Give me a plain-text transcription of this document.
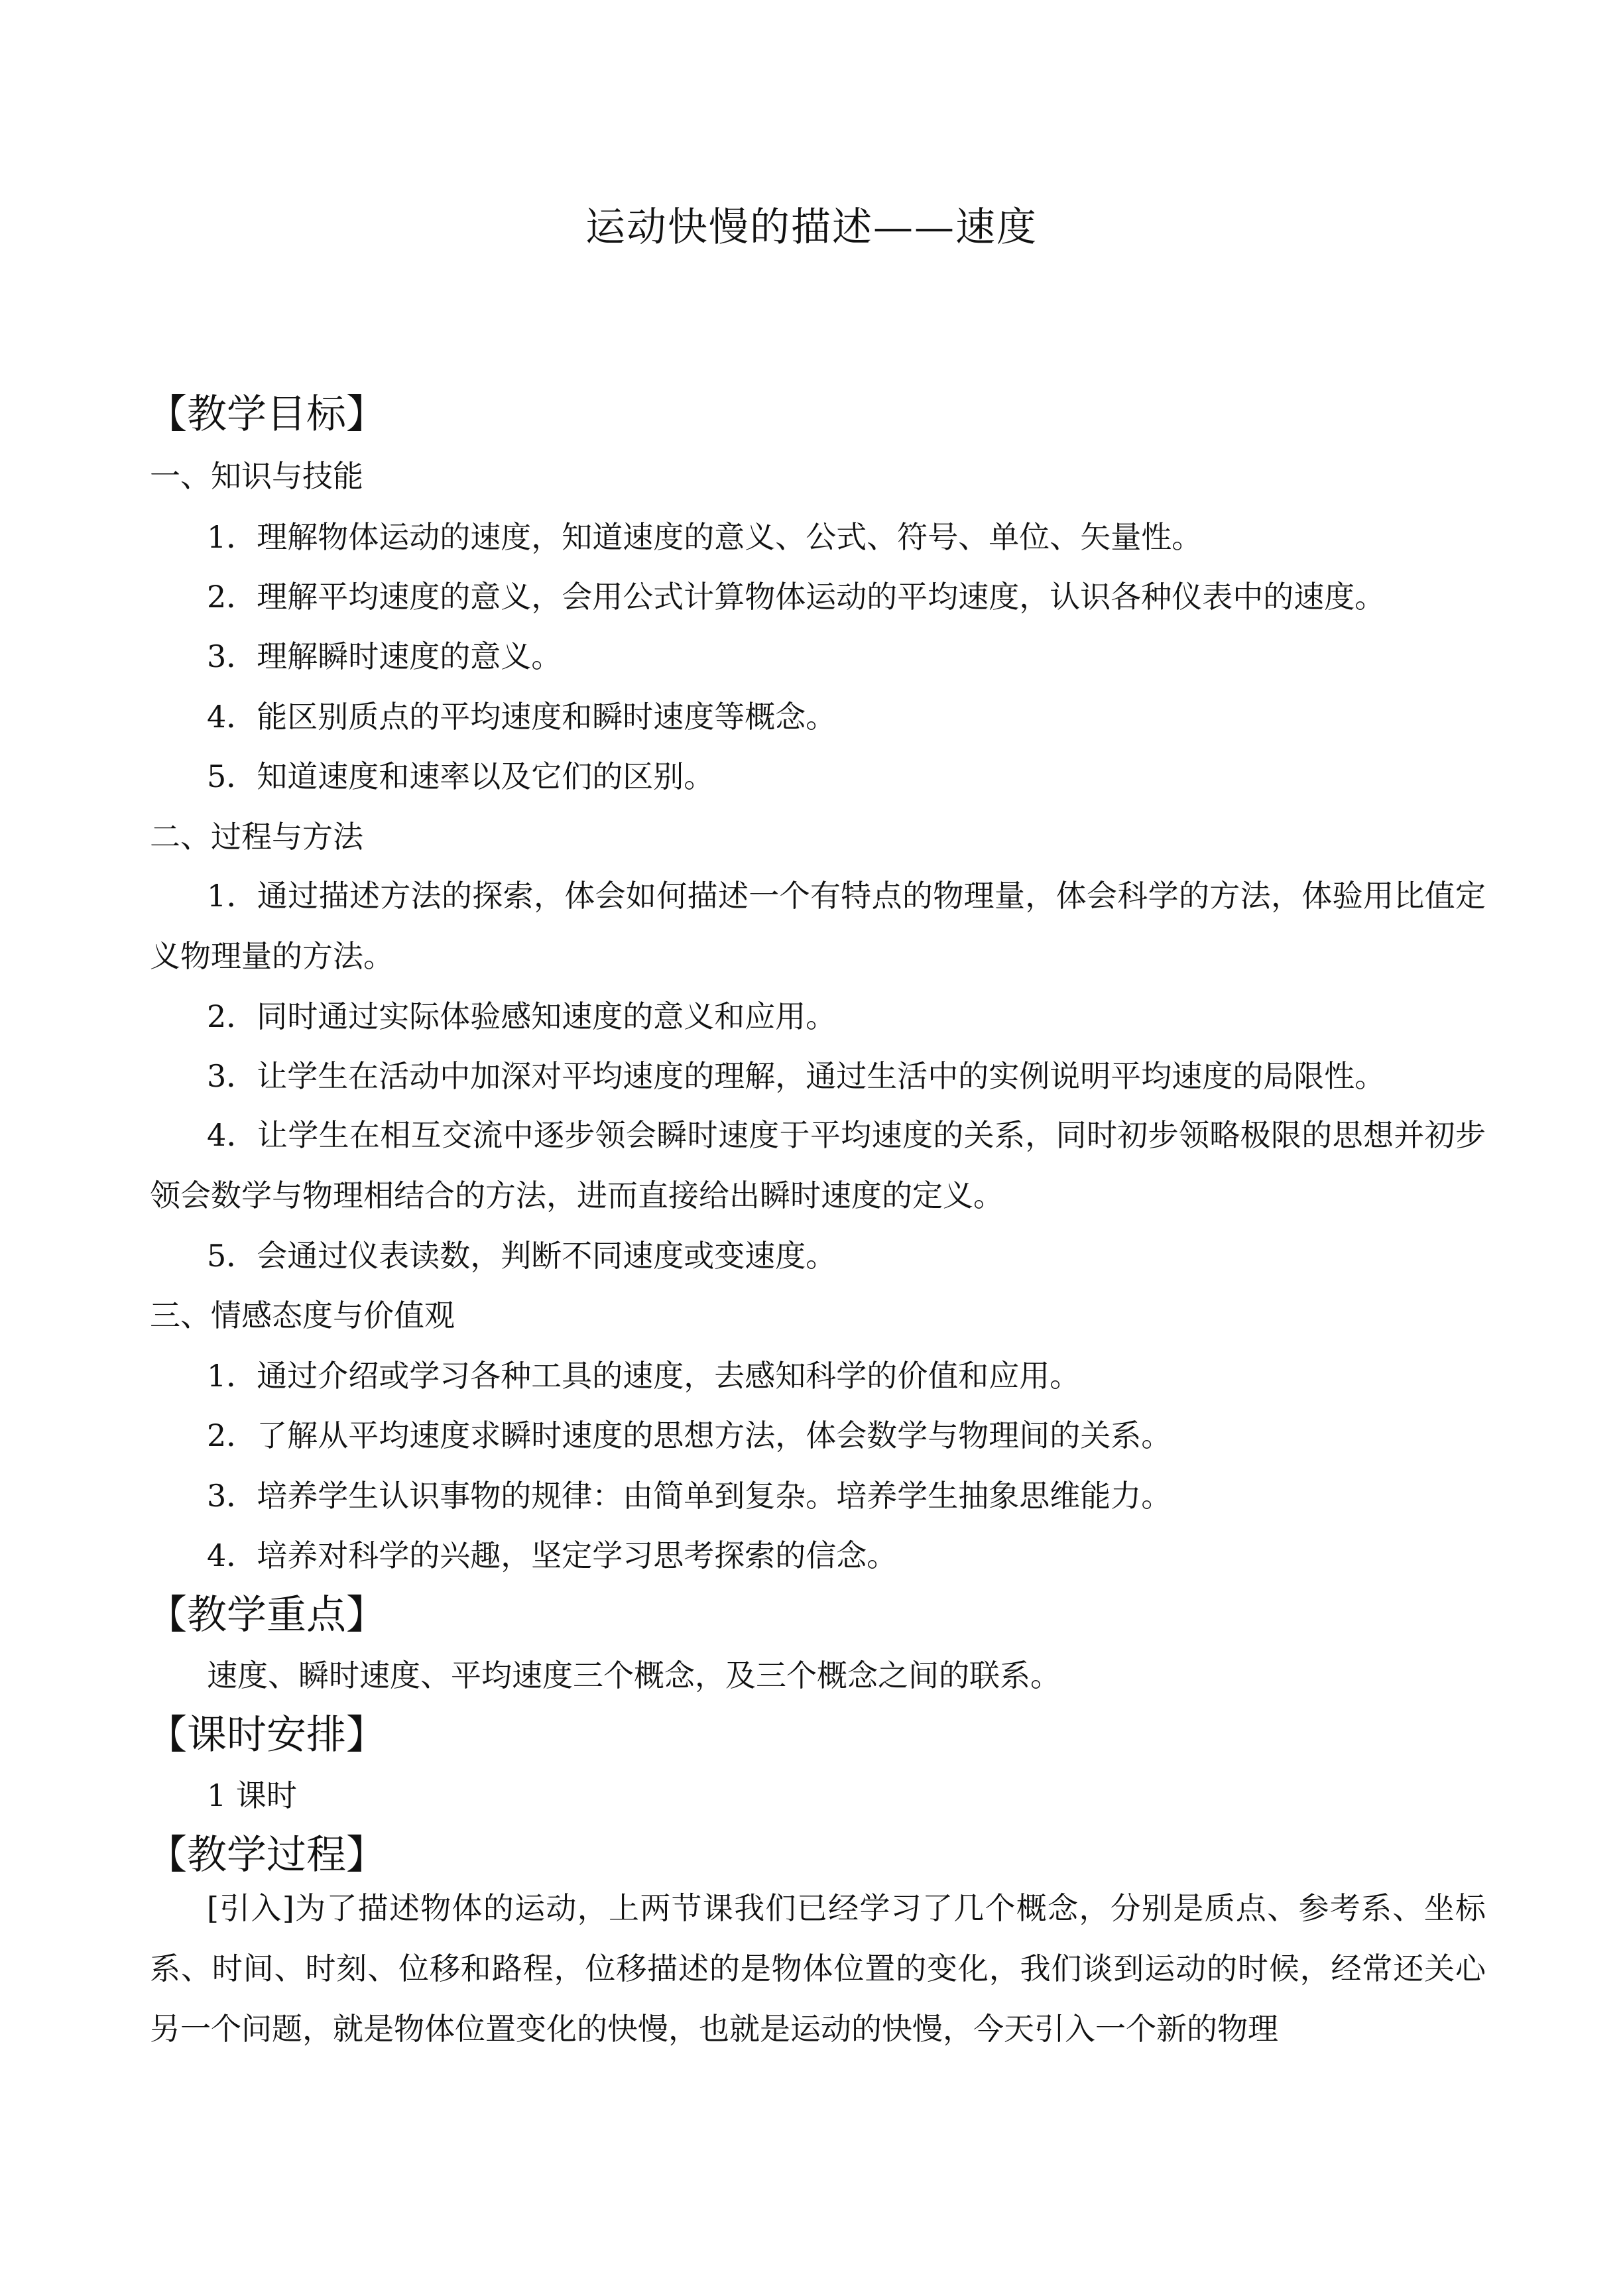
运动快慢的描述——速度
【教学目标】
一、知识与技能
1．理解物体运动的速度，知道速度的意义、公式、符号、单位、矢量性。
2．理解平均速度的意义，会用公式计算物体运动的平均速度，认识各种仪表中的速度。
3．理解瞬时速度的意义。
4．能区别质点的平均速度和瞬时速度等概念。
5．知道速度和速率以及它们的区别。
二、过程与方法
1．通过描述方法的探索，体会如何描述一个有特点的物理量，体会科学的方法，体验用比值定义物理量的方法。
2．同时通过实际体验感知速度的意义和应用。
3．让学生在活动中加深对平均速度的理解，通过生活中的实例说明平均速度的局限性。
4．让学生在相互交流中逐步领会瞬时速度于平均速度的关系，同时初步领略极限的思想并初步领会数学与物理相结合的方法，进而直接给出瞬时速度的定义。
5．会通过仪表读数，判断不同速度或变速度。
三、情感态度与价值观
1．通过介绍或学习各种工具的速度，去感知科学的价值和应用。
2．了解从平均速度求瞬时速度的思想方法，体会数学与物理间的关系。
3．培养学生认识事物的规律：由简单到复杂。培养学生抽象思维能力。
4．培养对科学的兴趣，坚定学习思考探索的信念。
【教学重点】
速度、瞬时速度、平均速度三个概念，及三个概念之间的联系。
【课时安排】
1 课时
【教学过程】
[引入]为了描述物体的运动，上两节课我们已经学习了几个概念，分别是质点、参考系、坐标系、时间、时刻、位移和路程，位移描述的是物体位置的变化，我们谈到运动的时候，经常还关心另一个问题，就是物体位置变化的快慢，也就是运动的快慢，今天引入一个新的物理
